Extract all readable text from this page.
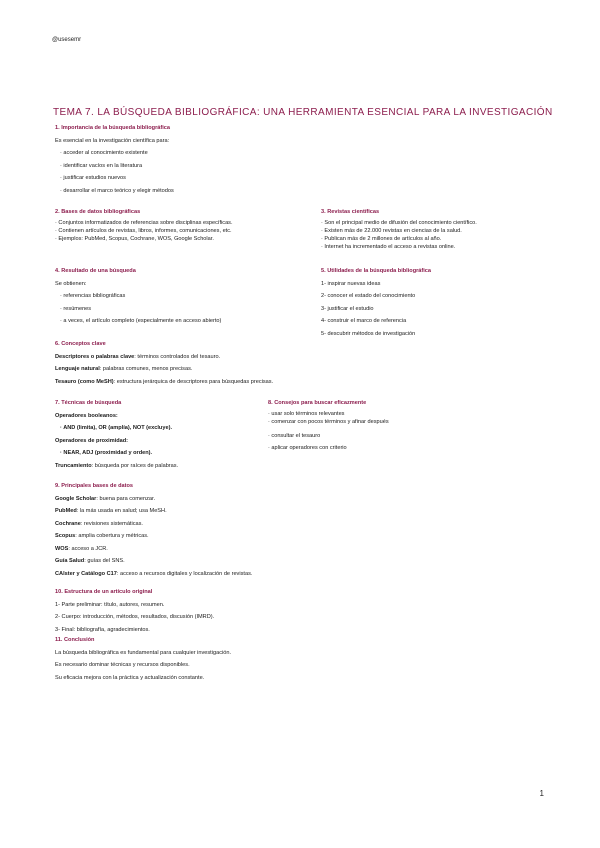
@usesemr
TEMA 7. LA BÚSQUEDA BIBLIOGRÁFICA: UNA HERRAMIENTA ESENCIAL PARA LA INVESTIGACIÓN
1. Importancia de la búsqueda bibliográfica
Es esencial en la investigación científica para:
· acceder al conocimiento existente
· identificar vacíos en la literatura
· justificar estudios nuevos
· desarrollar el marco teórico y elegir métodos
2. Bases de datos bibliográficas
· Conjuntos informatizados de referencias sobre disciplinas específicas.
· Contienen artículos de revistas, libros, informes, comunicaciones, etc.
· Ejemplos: PubMed, Scopus, Cochrane, WOS, Google Scholar.
3. Revistas científicas
· Son el principal medio de difusión del conocimiento científico.
· Existen más de 22.000 revistas en ciencias de la salud.
· Publican más de 2 millones de artículos al año.
· Internet ha incrementado el acceso a revistas online.
4. Resultado de una búsqueda
Se obtienen:
· referencias bibliográficas
· resúmenes
· a veces, el artículo completo (especialmente en acceso abierto)
5. Utilidades de la búsqueda bibliográfica
1- inspirar nuevas ideas
2- conocer el estado del conocimiento
3- justificar el estudio
4- construir el marco de referencia
5- descubrir métodos de investigación
6. Conceptos clave
Descriptores o palabras clave: términos controlados del tesauro.
Lenguaje natural: palabras comunes, menos precisas.
Tesauro (como MeSH): estructura jerárquica de descriptores para búsquedas precisas.
7. Técnicas de búsqueda
Operadores booleanos:
· AND (limita), OR (amplía), NOT (excluye).
Operadores de proximidad:
· NEAR, ADJ (proximidad y orden).
Truncamiento: búsqueda por raíces de palabras.
8. Consejos para buscar eficazmente
· usar solo términos relevantes
· comenzar con pocos términos y afinar después
· consultar el tesauro
· aplicar operadores con criterio
9. Principales bases de datos
Google Scholar: buena para comenzar.
PubMed: la más usada en salud; usa MeSH.
Cochrane: revisiones sistemáticas.
Scopus: amplia cobertura y métricas.
WOS: acceso a JCR.
Guía Salud: guías del SNS.
CAlster y Catálogo C17: acceso a recursos digitales y localización de revistas.
10. Estructura de un artículo original
1- Parte preliminar: título, autores, resumen.
2- Cuerpo: introducción, métodos, resultados, discusión (IMRD).
3- Final: bibliografía, agradecimientos.
11. Conclusión
La búsqueda bibliográfica es fundamental para cualquier investigación.
Es necesario dominar técnicas y recursos disponibles.
Su eficacia mejora con la práctica y actualización constante.
1
